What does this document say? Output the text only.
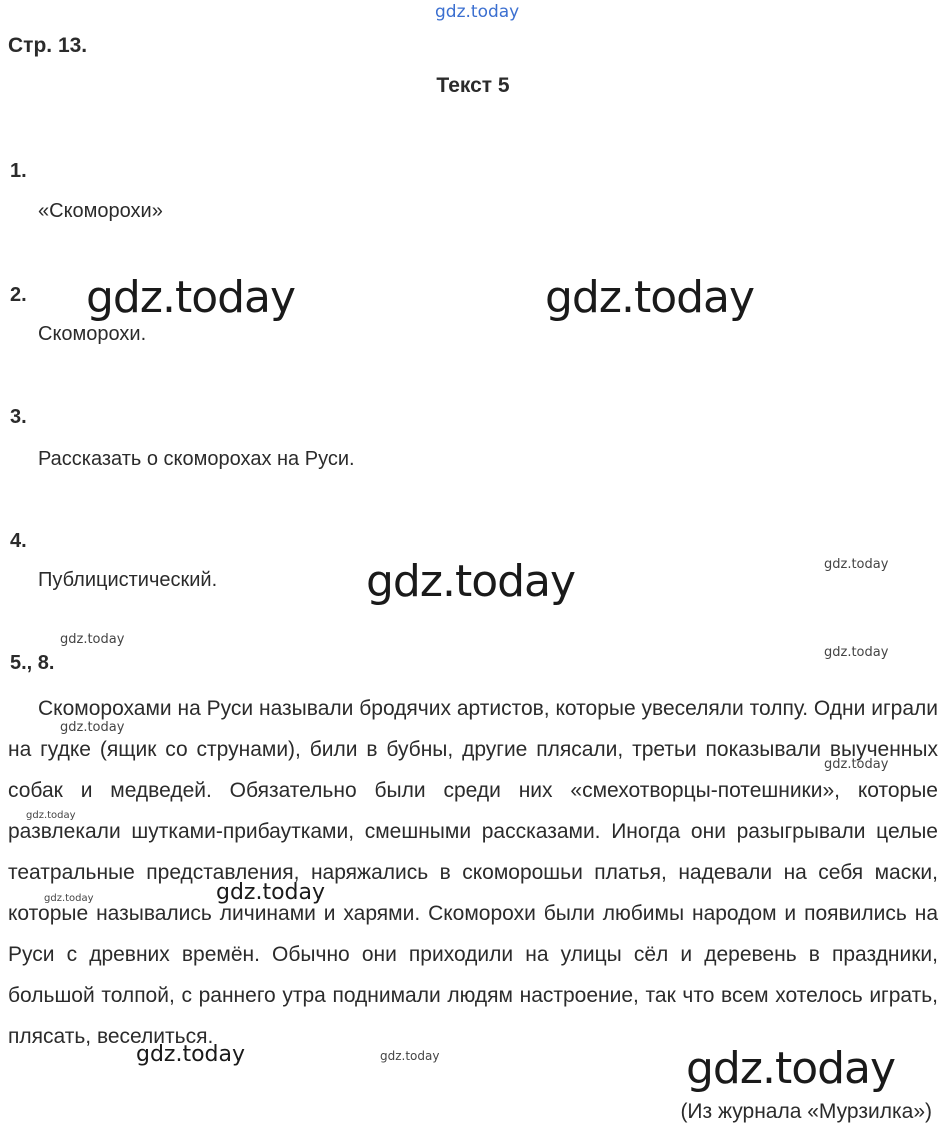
gdz.today
Стр. 13.
Текст 5
1.
«Скоморохи»
2.
Скоморохи.
3.
Рассказать о скоморохах на Руси.
4.
Публицистический.
5., 8.
Скоморохами на Руси называли бродячих артистов, которые увеселяли толпу. Одни играли на гудке (ящик со струнами), били в бубны, другие плясали, третьи показывали выученных собак и медведей. Обязательно были среди них «смехотворцы-потешники», которые развлекали шутками-прибаутками, смешными рассказами. Иногда они разыгрывали целые театральные представления, наряжались в скоморошьи платья, надевали на себя маски, которые назывались личинами и харями. Скоморохи были любимы народом и появились на Руси с древних времён. Обычно они приходили на улицы сёл и деревень в праздники, большой толпой, с раннего утра поднимали людям настроение, так что всем хотелось играть, плясать, веселиться.
(Из журнала «Мурзилка»)
gdz.today	gdz.today
gdz.today
gdz.today
gdz.today
gdz.today
gdz.today
gdz.today
gdz.today
gdz.today
gdz.today	gdz.today
gdz.today	gdz.today
